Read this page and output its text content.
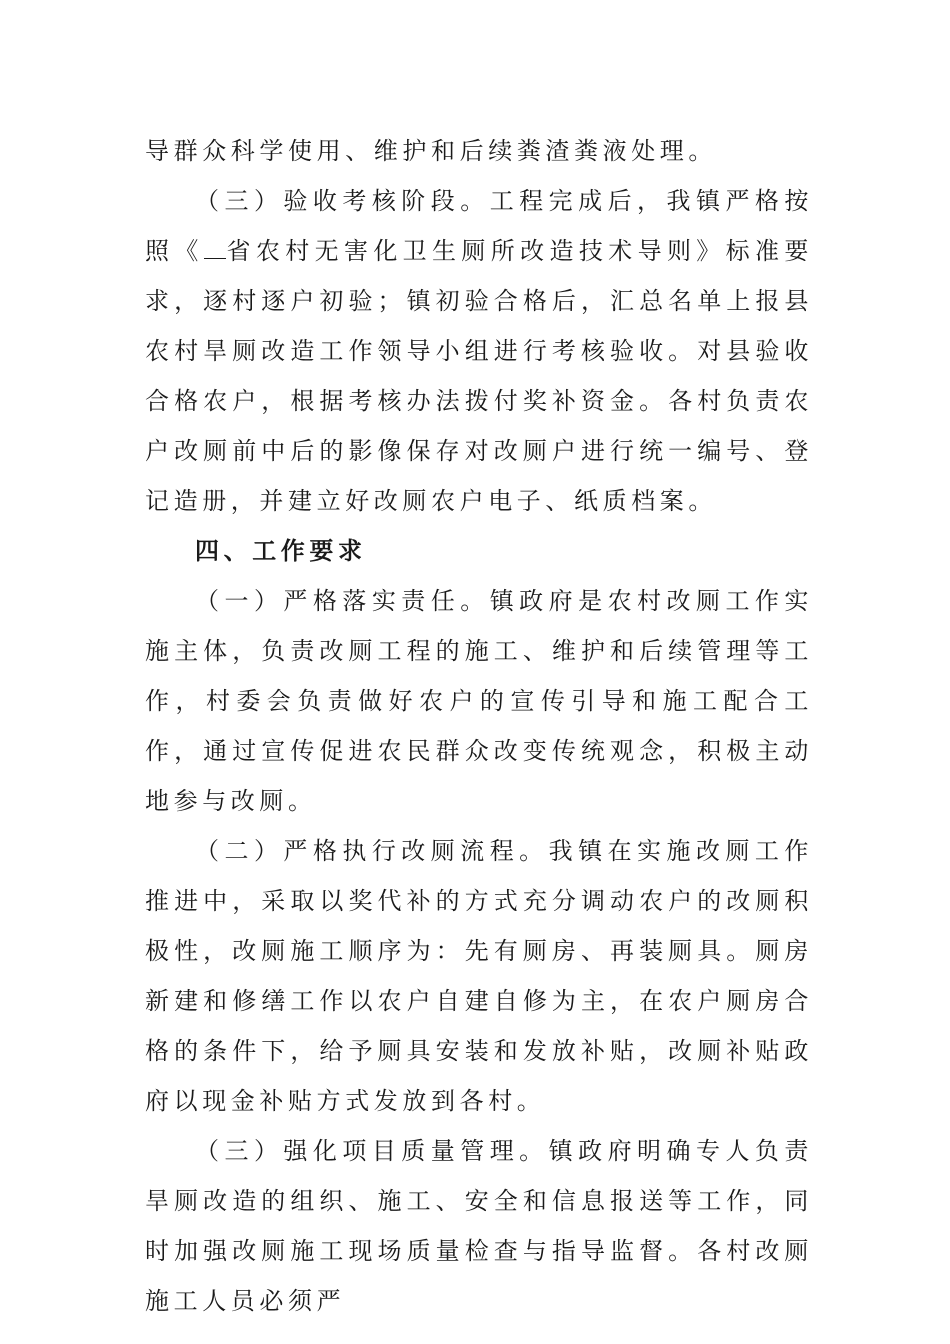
导群众科学使用、维护和后续粪渣粪液处理。

（三）验收考核阶段。工程完成后，我镇严格按照《 省农村无害化卫生厕所改造技术导则》标准要求，逐村逐户初验；镇初验合格后，汇总名单上报县农村旱厕改造工作领导小组进行考核验收。对县验收合格农户，根据考核办法拨付奖补资金。各村负责农户改厕前中后的影像保存对改厕户进行统一编号、登记造册，并建立好改厕农户电子、纸质档案。

四、工作要求

（一）严格落实责任。镇政府是农村改厕工作实施主体，负责改厕工程的施工、维护和后续管理等工作，村委会负责做好农户的宣传引导和施工配合工作，通过宣传促进农民群众改变传统观念，积极主动地参与改厕。

（二）严格执行改厕流程。我镇在实施改厕工作推进中，采取以奖代补的方式充分调动农户的改厕积极性，改厕施工顺序为：先有厕房、再装厕具。厕房新建和修缮工作以农户自建自修为主，在农户厕房合格的条件下，给予厕具安装和发放补贴，改厕补贴政府以现金补贴方式发放到各村。

（三）强化项目质量管理。镇政府明确专人负责旱厕改造的组织、施工、安全和信息报送等工作，同时加强改厕施工现场质量检查与指导监督。各村改厕施工人员必须严
